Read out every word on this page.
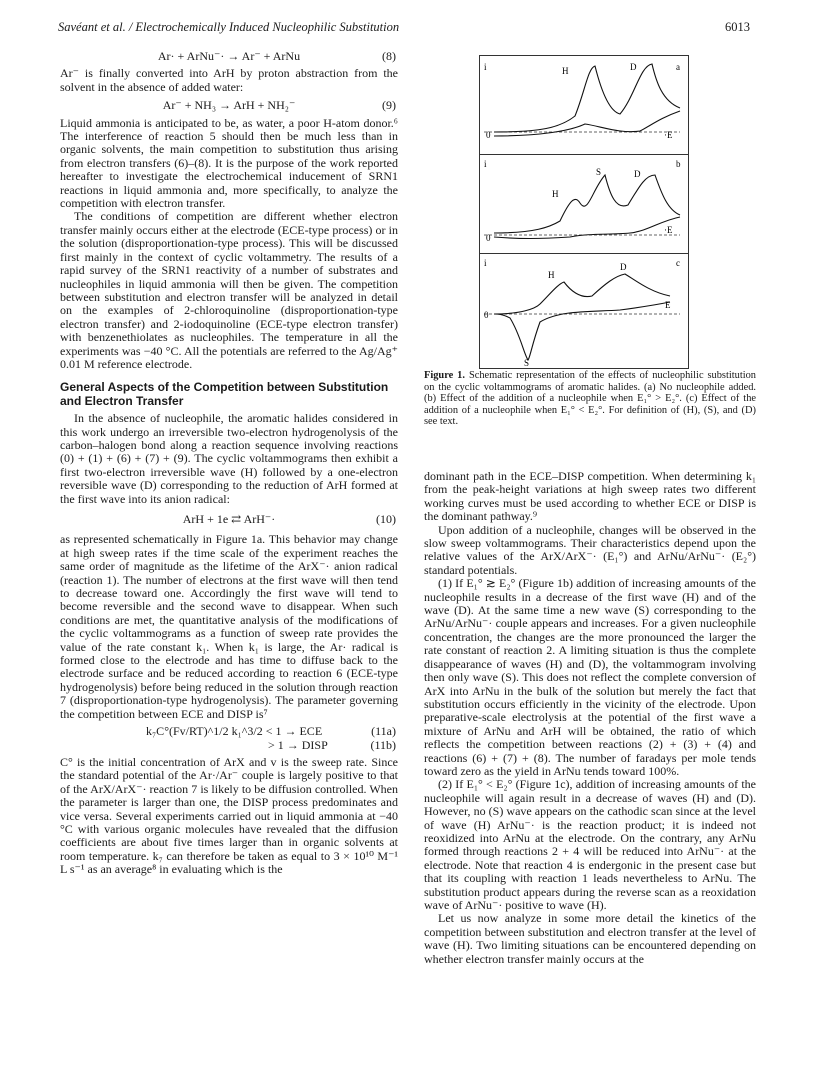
Savéant et al. / Electrochemically Induced Nucleophilic Substitution	6013
Ar· + ArNu⁻· → Ar⁻ + ArNu	(8)

Ar⁻ is finally converted into ArH by proton abstraction from the solvent in the absence of added water:

Ar⁻ + NH₃ → ArH + NH₂⁻	(9)

Liquid ammonia is anticipated to be, as water, a poor H-atom donor.⁶ The interference of reaction 5 should then be much less than in organic solvents, the main competition to substitution thus arising from electron transfers (6)–(8). It is the purpose of the work reported hereafter to investigate the electrochemical inducement of SRN1 reactions in liquid ammonia and, more specifically, to analyze the competition with electron transfer.

The conditions of competition are different whether electron transfer mainly occurs either at the electrode (ECE-type process) or in the solution (disproportionation-type process). This will be discussed first mainly in the context of cyclic voltammetry. The results of a rapid survey of the SRN1 reactivity of a number of substrates and nucleophiles in liquid ammonia will then be given. The competition between substitution and electron transfer will be analyzed in detail on the examples of 2-chloroquinoline (disproportionation-type electron transfer) and 2-iodoquinoline (ECE-type electron transfer) with benzenethiolates as nucleophiles. The temperature in all the experiments was −40 °C. All the potentials are referred to the Ag/Ag⁺ 0.01 M reference electrode.

General Aspects of the Competition between Substitution and Electron Transfer

In the absence of nucleophile, the aromatic halides considered in this work undergo an irreversible two-electron hydrogenolysis of the carbon–halogen bond along a reaction sequence involving reactions (0) + (1) + (6) + (7) + (9). The cyclic voltammograms then exhibit a first two-electron irreversible wave (H) followed by a one-electron reversible wave (D) corresponding to the reduction of ArH formed at the first wave into its anion radical:

ArH + 1e ⇄ ArH⁻·	(10)

as represented schematically in Figure 1a. This behavior may change at high sweep rates if the time scale of the experiment reaches the same order of magnitude as the lifetime of the ArX⁻· anion radical (reaction 1). The number of electrons at the first wave will then tend to decrease toward one. Accordingly the first wave will tend to become reversible and the second wave to disappear. When such conditions are met, the quantitative analysis of the modifications of the cyclic voltammograms as a function of sweep rate provides the value of the rate constant k₁. When k₁ is large, the Ar· radical is formed close to the electrode and has time to diffuse back to the electrode surface and be reduced according to reaction 6 (ECE-type hydrogenolysis) before being reduced in the solution through reaction 7 (disproportionation-type hydrogenolysis). The parameter governing the competition between ECE and DISP is⁷

k₇C°(Fv/RT)^1/2 k₁^3/2 < 1 → ECE	(11a)
> 1 → DISP	(11b)

C° is the initial concentration of ArX and v is the sweep rate. Since the standard potential of the Ar·/Ar⁻ couple is largely positive to that of the ArX/ArX⁻· reaction 7 is likely to be diffusion controlled. When the parameter is larger than one, the DISP process predominates and vice versa. Several experiments carried out in liquid ammonia at −40 °C with various organic molecules have revealed that the diffusion coefficients are about five times larger than in organic solvents at room temperature. k₇ can therefore be taken as equal to 3 × 10¹⁰ M⁻¹ L s⁻¹ as an average⁸ in evaluating which is the

i	H	D	a
0	·E
i
H
S	D
b
0
·E
i
H
D
S
c
0
E
Figure 1. Schematic representation of the effects of nucleophilic substitution on the cyclic voltammograms of aromatic halides. (a) No nucleophile added. (b) Effect of the addition of a nucleophile when E₁° > E₂°. (c) Effect of the addition of a nucleophile when E₁° < E₂°. For definition of (H), (S), and (D) see text.

dominant path in the ECE–DISP competition. When determining k₁ from the peak-height variations at high sweep rates two different working curves must be used according to whether ECE or DISP is the dominant pathway.⁹

Upon addition of a nucleophile, changes will be observed in the slow sweep voltammograms. Their characteristics depend upon the relative values of the ArX/ArX⁻· (E₁°) and ArNu/ArNu⁻· (E₂°) standard potentials.

(1) If E₁° ≳ E₂° (Figure 1b) addition of increasing amounts of the nucleophile results in a decrease of the first wave (H) and of the wave (D). At the same time a new wave (S) corresponding to the ArNu/ArNu⁻· couple appears and increases. For a given nucleophile concentration, the changes are the more pronounced the larger the rate constant of reaction 2. A limiting situation is thus the complete disappearance of waves (H) and (D), the voltammogram involving then only wave (S). This does not reflect the complete conversion of ArX into ArNu in the bulk of the solution but merely the fact that substitution occurs efficiently in the vicinity of the electrode. Upon preparative-scale electrolysis at the potential of the first wave a mixture of ArNu and ArH will be obtained, the ratio of which reflects the competition between reactions (2) + (3) + (4) and reactions (6) + (7) + (8). The number of faradays per mole tends toward zero as the yield in ArNu tends toward 100%.

(2) If E₁° < E₂° (Figure 1c), addition of increasing amounts of the nucleophile will again result in a decrease of waves (H) and (D). However, no (S) wave appears on the cathodic scan since at the level of wave (H) ArNu⁻· is the reaction product; it is indeed not reoxidized into ArNu at the electrode. On the contrary, any ArNu formed through reactions 2 + 4 will be reduced into ArNu⁻· at the electrode. Note that reaction 4 is endergonic in the present case but that its coupling with reaction 1 leads nevertheless to ArNu. The substitution product appears during the reverse scan as a reoxidation wave of ArNu⁻· positive to wave (H).

Let us now analyze in some more detail the kinetics of the competition between substitution and electron transfer at the level of wave (H). Two limiting situations can be encountered depending on whether electron transfer mainly occurs at the
